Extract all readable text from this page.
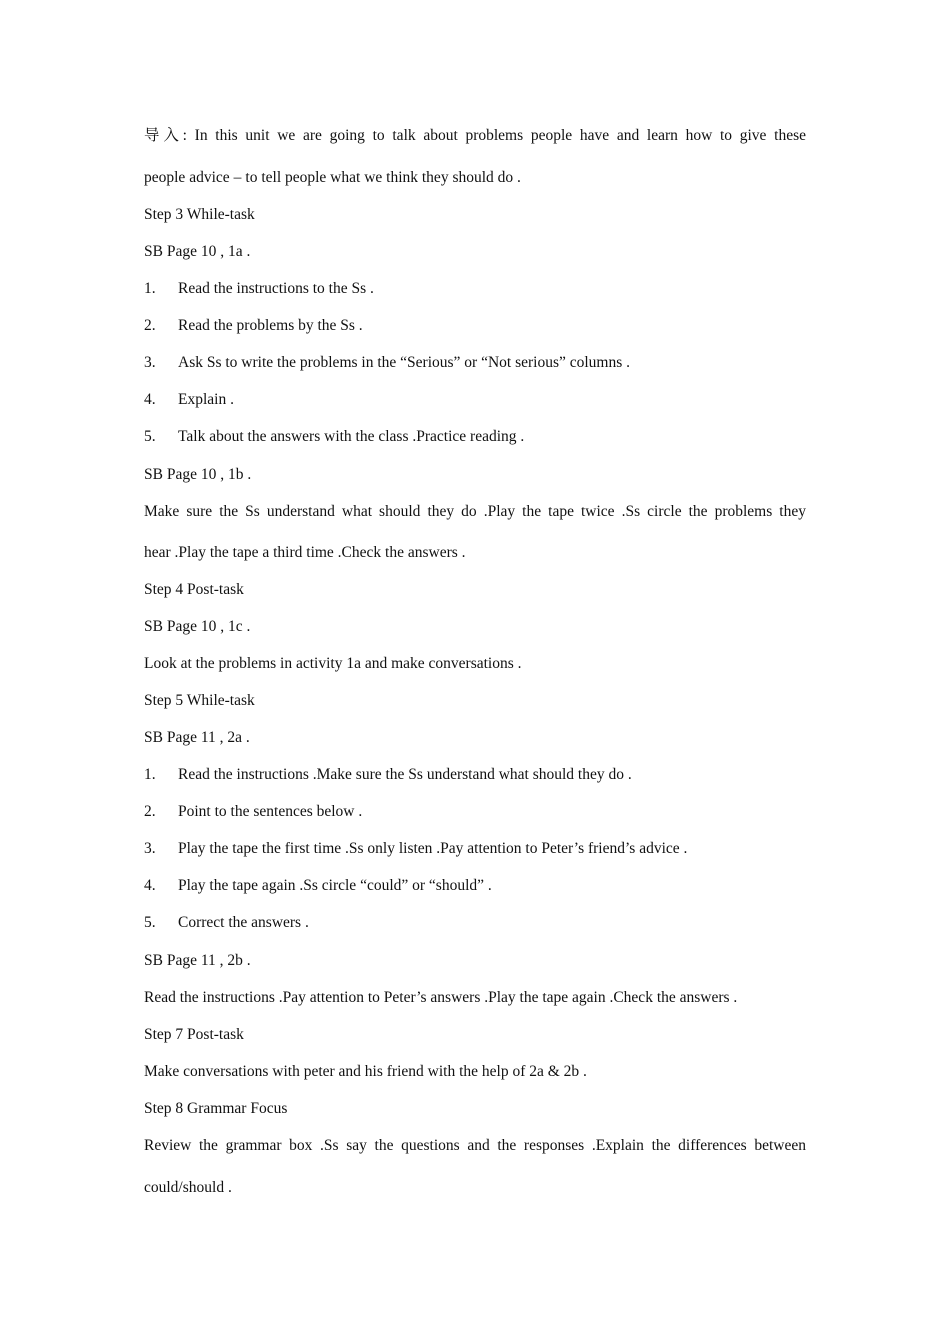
导入: In this unit we are going to talk about problems people have and learn how to give these
people advice – to tell people what we think they should do .
Step 3 While-task
SB Page 10 , 1a .
1. Read the instructions to the Ss .
2. Read the problems by the Ss .
3. Ask Ss to write the problems in the “Serious” or “Not serious” columns .
4. Explain .
5. Talk about the answers with the class .Practice reading .
SB Page 10 , 1b .
Make sure the Ss understand what should they do .Play the tape twice .Ss circle the problems they
hear .Play the tape a third time .Check the answers .
Step 4 Post-task
SB Page 10 , 1c .
Look at the problems in activity 1a and make conversations .
Step 5 While-task
SB Page 11 , 2a .
1. Read the instructions .Make sure the Ss understand what should they do .
2. Point to the sentences below .
3. Play the tape the first time .Ss only listen .Pay attention to Peter’s friend’s advice .
4. Play the tape again .Ss circle “could” or “should” .
5. Correct the answers .
SB Page 11 , 2b .
Read the instructions .Pay attention to Peter’s answers .Play the tape again .Check the answers .
Step 7 Post-task
Make conversations with peter and his friend with the help of 2a & 2b .
Step 8 Grammar Focus
Review the grammar box .Ss say the questions and the responses .Explain the differences between
could/should .
